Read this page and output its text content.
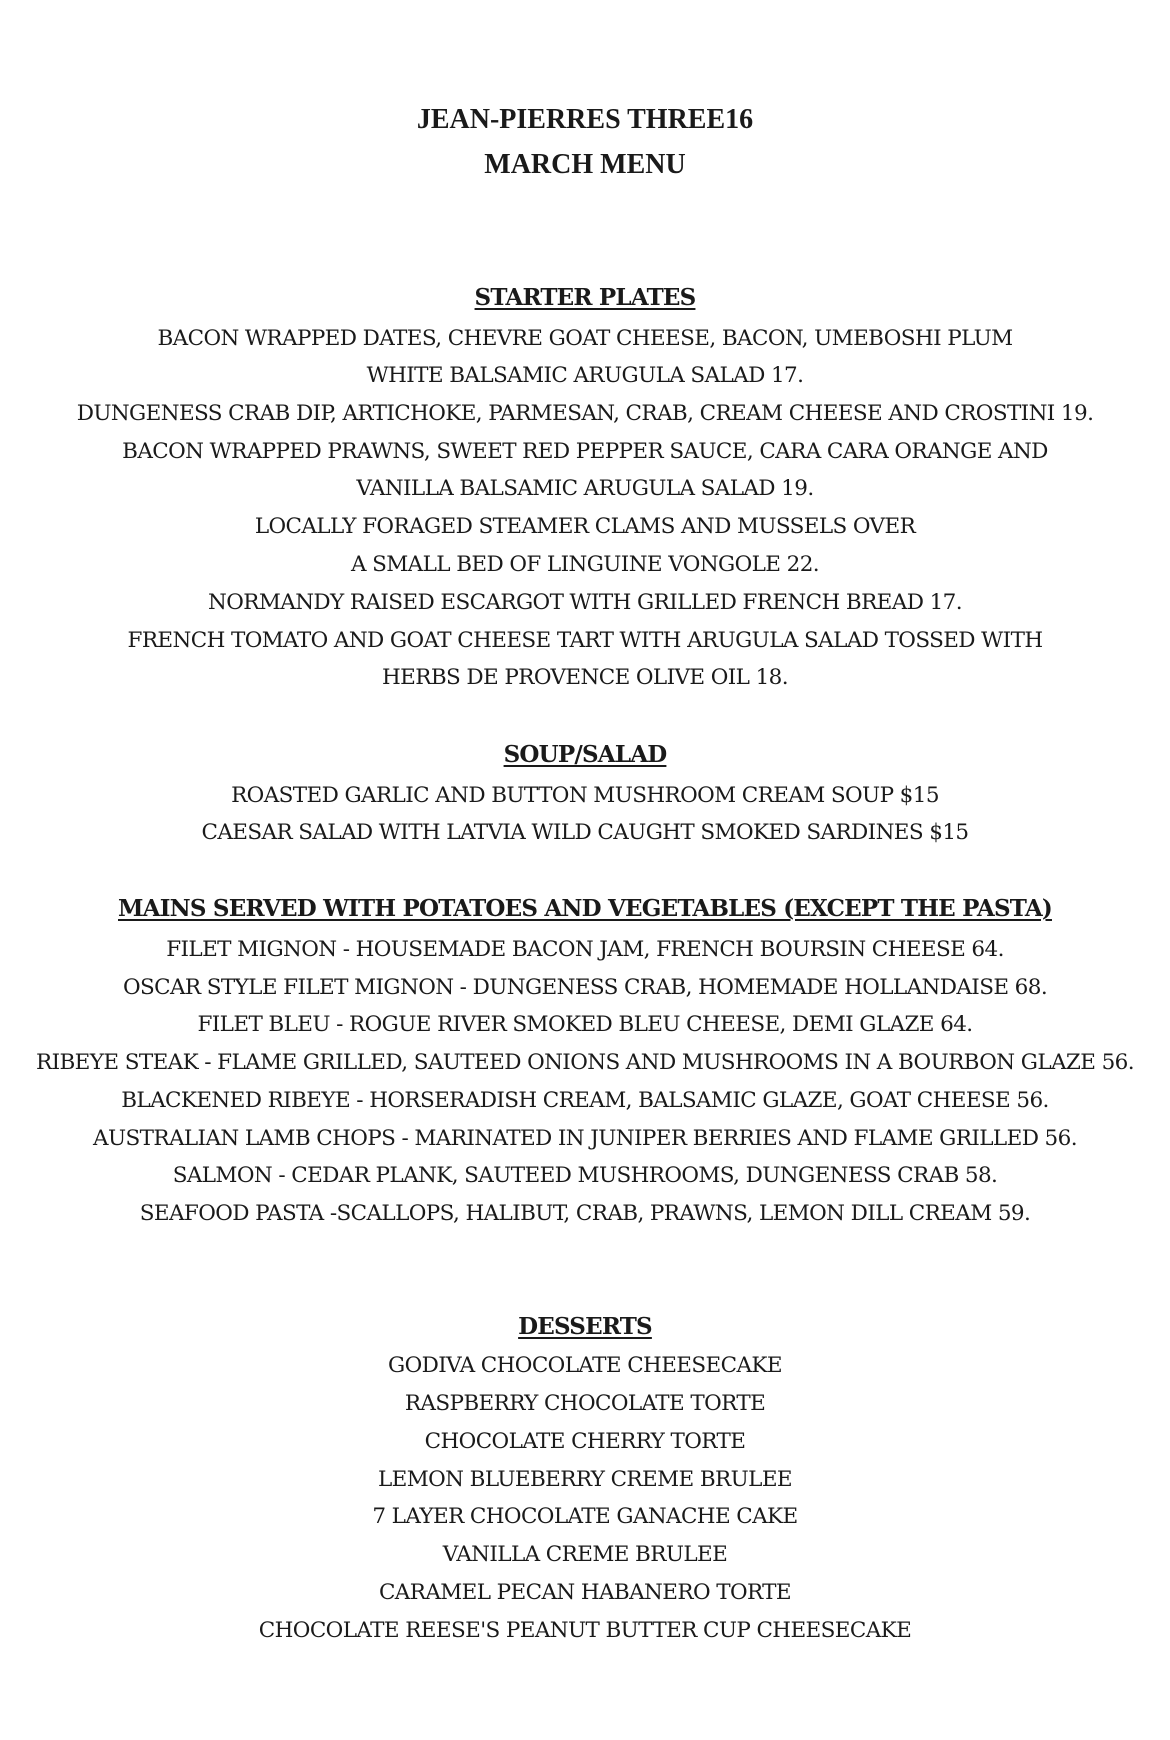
JEAN-PIERRES THREE16
MARCH MENU
STARTER PLATES
BACON WRAPPED DATES, CHEVRE GOAT CHEESE, BACON, UMEBOSHI PLUM
WHITE BALSAMIC ARUGULA SALAD 17.
DUNGENESS CRAB DIP, ARTICHOKE, PARMESAN, CRAB, CREAM CHEESE AND CROSTINI 19.
BACON WRAPPED PRAWNS, SWEET RED PEPPER SAUCE, CARA CARA ORANGE AND
VANILLA BALSAMIC ARUGULA SALAD 19.
LOCALLY FORAGED STEAMER CLAMS AND MUSSELS OVER
A SMALL BED OF LINGUINE VONGOLE 22.
NORMANDY RAISED ESCARGOT WITH GRILLED FRENCH BREAD 17.
FRENCH TOMATO AND GOAT CHEESE TART WITH ARUGULA SALAD TOSSED WITH
HERBS DE PROVENCE OLIVE OIL 18.
SOUP/SALAD
ROASTED GARLIC AND BUTTON MUSHROOM CREAM SOUP $15
CAESAR SALAD WITH LATVIA WILD CAUGHT SMOKED SARDINES $15
MAINS SERVED WITH POTATOES AND VEGETABLES (EXCEPT THE PASTA)
FILET MIGNON - HOUSEMADE BACON JAM, FRENCH BOURSIN CHEESE 64.
OSCAR STYLE FILET MIGNON - DUNGENESS CRAB, HOMEMADE HOLLANDAISE 68.
FILET BLEU - ROGUE RIVER SMOKED BLEU CHEESE, DEMI GLAZE 64.
RIBEYE STEAK - FLAME GRILLED, SAUTEED ONIONS AND MUSHROOMS IN A BOURBON GLAZE 56.
BLACKENED RIBEYE - HORSERADISH CREAM, BALSAMIC GLAZE, GOAT CHEESE 56.
AUSTRALIAN LAMB CHOPS - MARINATED IN JUNIPER BERRIES AND FLAME GRILLED 56.
SALMON - CEDAR PLANK, SAUTEED MUSHROOMS, DUNGENESS CRAB 58.
SEAFOOD PASTA -SCALLOPS, HALIBUT, CRAB, PRAWNS, LEMON DILL CREAM 59.
DESSERTS
GODIVA CHOCOLATE CHEESECAKE
RASPBERRY CHOCOLATE TORTE
CHOCOLATE CHERRY TORTE
LEMON BLUEBERRY CREME BRULEE
7 LAYER CHOCOLATE GANACHE CAKE
VANILLA CREME BRULEE
CARAMEL PECAN HABANERO TORTE
CHOCOLATE REESE'S PEANUT BUTTER CUP CHEESECAKE
